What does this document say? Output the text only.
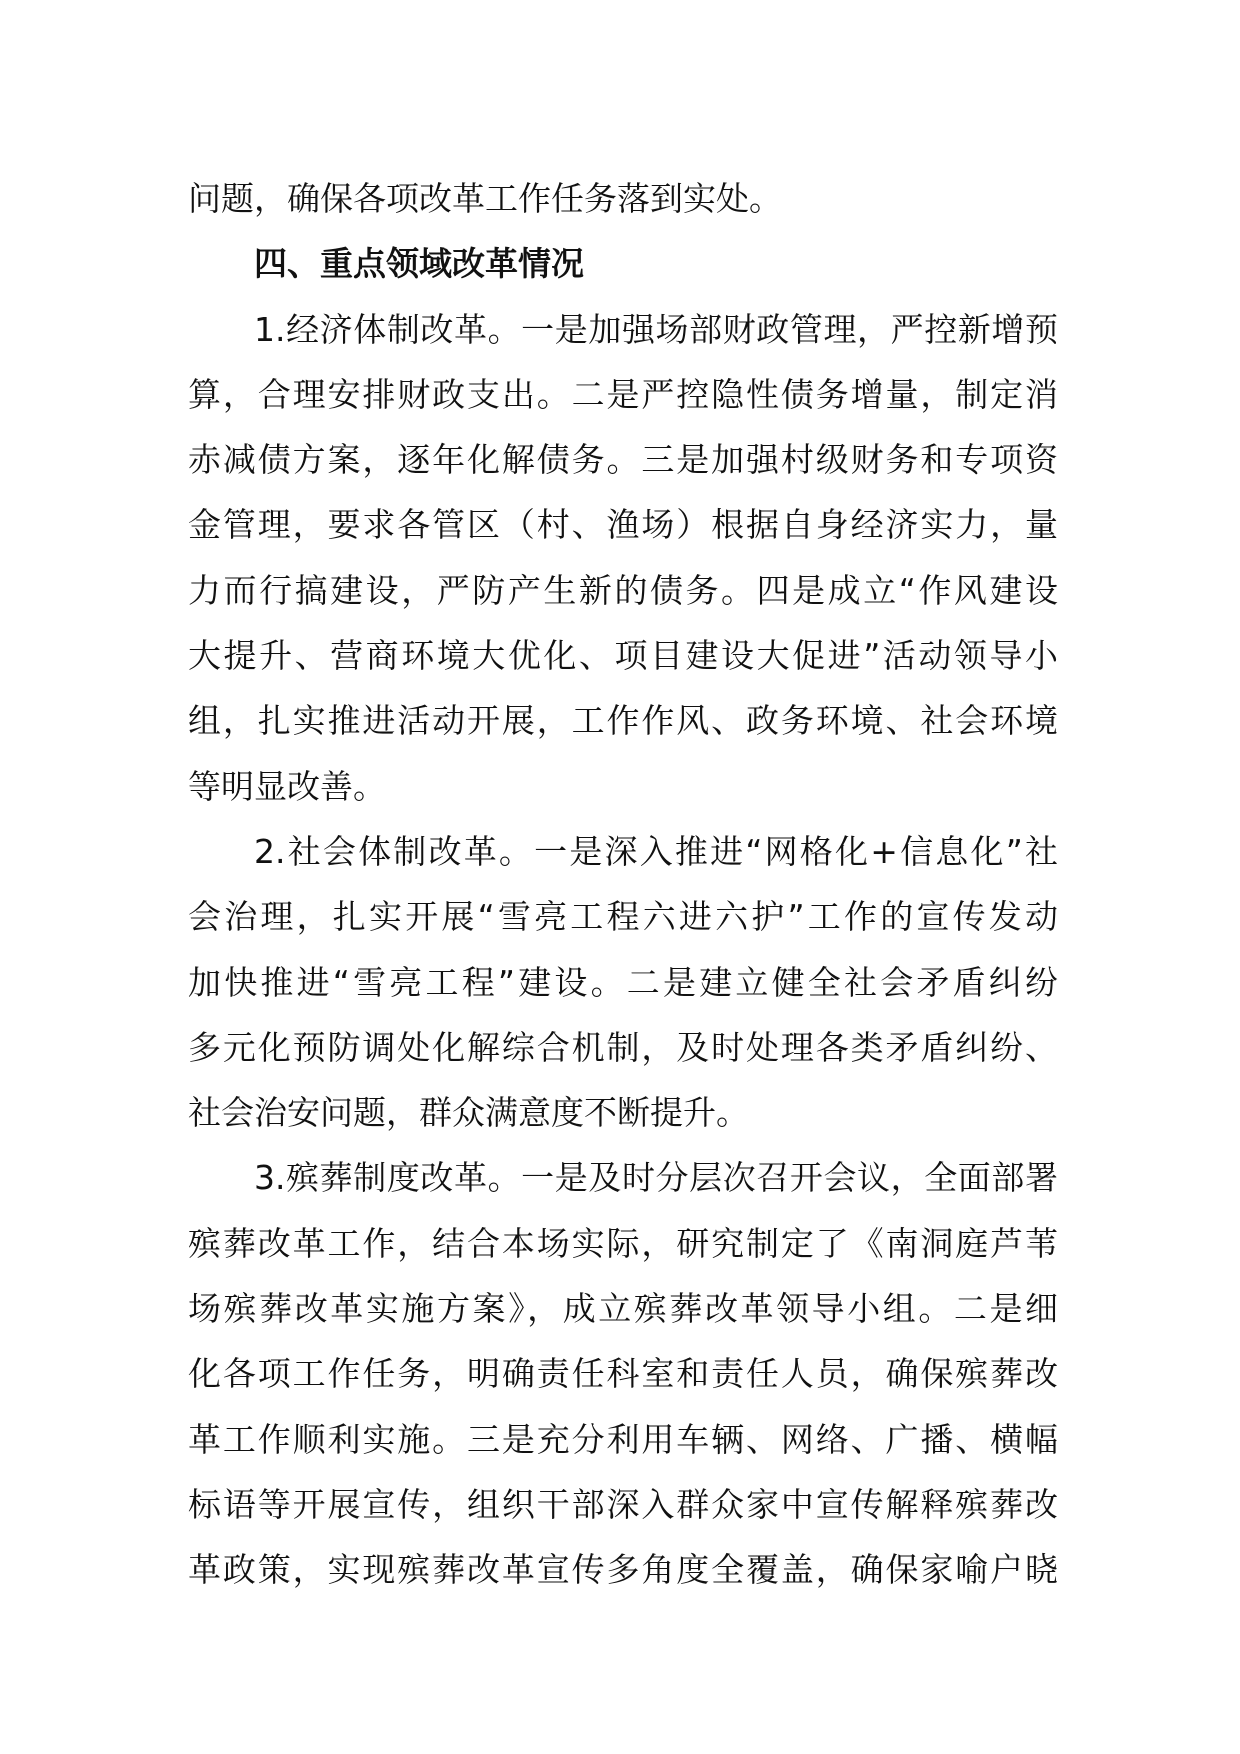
问题，确保各项改革工作任务落到实处。
四、重点领域改革情况
1.经济体制改革。一是加强场部财政管理，严控新增预
算，合理安排财政支出。二是严控隐性债务增量，制定消
赤减债方案，逐年化解债务。三是加强村级财务和专项资
金管理，要求各管区（村、渔场）根据自身经济实力，量
力而行搞建设，严防产生新的债务。四是成立“作风建设
大提升、营商环境大优化、项目建设大促进”活动领导小
组，扎实推进活动开展，工作作风、政务环境、社会环境
等明显改善。
2.社会体制改革。一是深入推进“网格化+信息化”社
会治理，扎实开展“雪亮工程六进六护”工作的宣传发动
加快推进“雪亮工程”建设。二是建立健全社会矛盾纠纷
多元化预防调处化解综合机制，及时处理各类矛盾纠纷、
社会治安问题，群众满意度不断提升。
3.殡葬制度改革。一是及时分层次召开会议，全面部署
殡葬改革工作，结合本场实际，研究制定了《南洞庭芦苇
场殡葬改革实施方案》，成立殡葬改革领导小组。二是细
化各项工作任务，明确责任科室和责任人员，确保殡葬改
革工作顺利实施。三是充分利用车辆、网络、广播、横幅
标语等开展宣传，组织干部深入群众家中宣传解释殡葬改
革政策，实现殡葬改革宣传多角度全覆盖，确保家喻户晓
